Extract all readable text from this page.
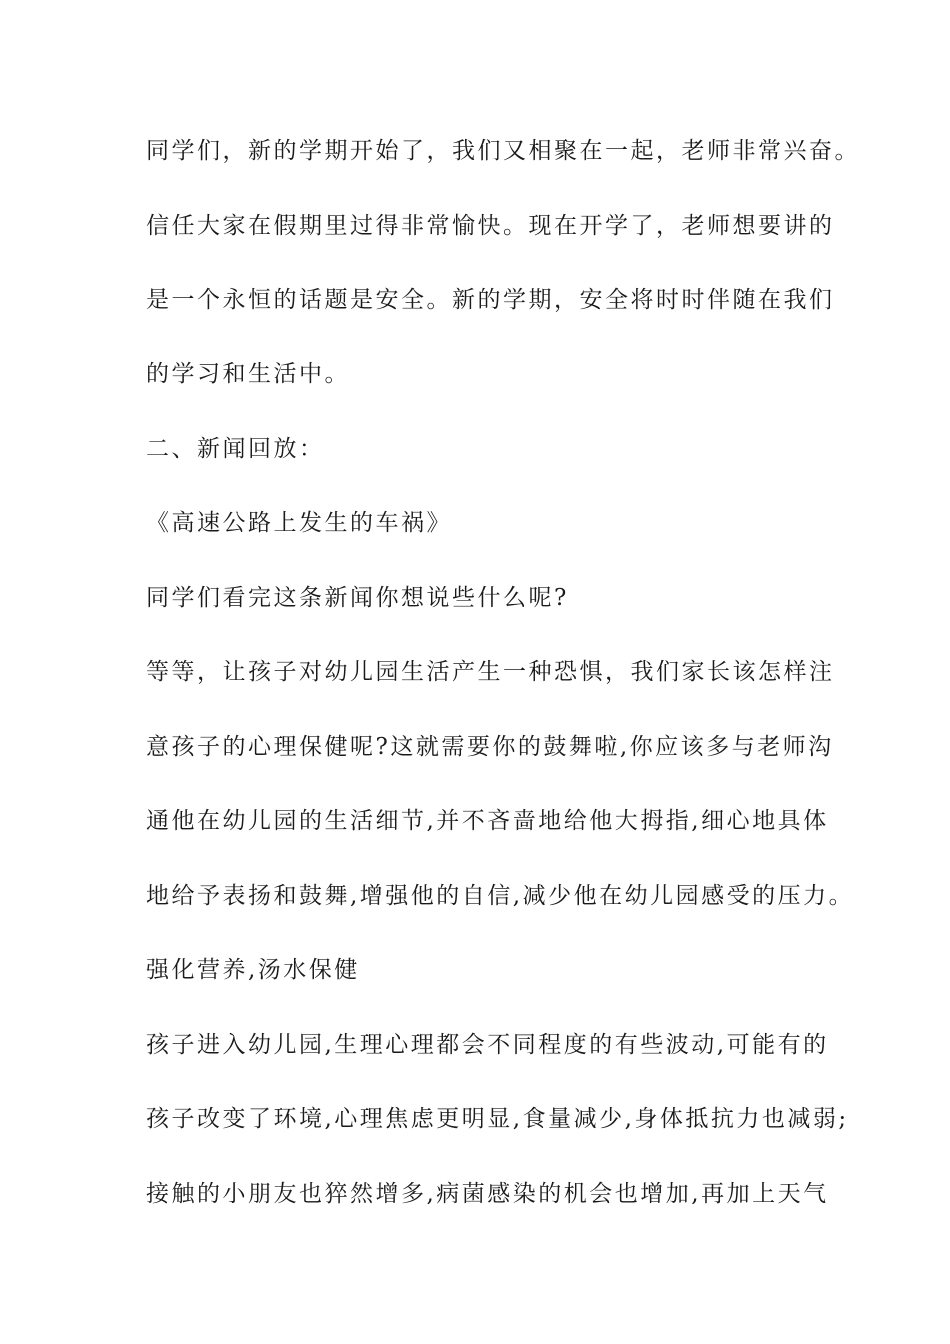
同学们，新的学期开始了，我们又相聚在一起，老师非常兴奋。
信任大家在假期里过得非常愉快。现在开学了，老师想要讲的
是一个永恒的话题是安全。新的学期，安全将时时伴随在我们
的学习和生活中。
二、新闻回放：
《高速公路上发生的车祸》
同学们看完这条新闻你想说些什么呢?
等等，让孩子对幼儿园生活产生一种恐惧，我们家长该怎样注
意孩子的心理保健呢?这就需要你的鼓舞啦,你应该多与老师沟
通他在幼儿园的生活细节,并不吝啬地给他大拇指,细心地具体
地给予表扬和鼓舞,增强他的自信,减少他在幼儿园感受的压力。
强化营养,汤水保健
孩子进入幼儿园,生理心理都会不同程度的有些波动,可能有的
孩子改变了环境,心理焦虑更明显,食量减少,身体抵抗力也减弱;
接触的小朋友也猝然增多,病菌感染的机会也增加,再加上天气
